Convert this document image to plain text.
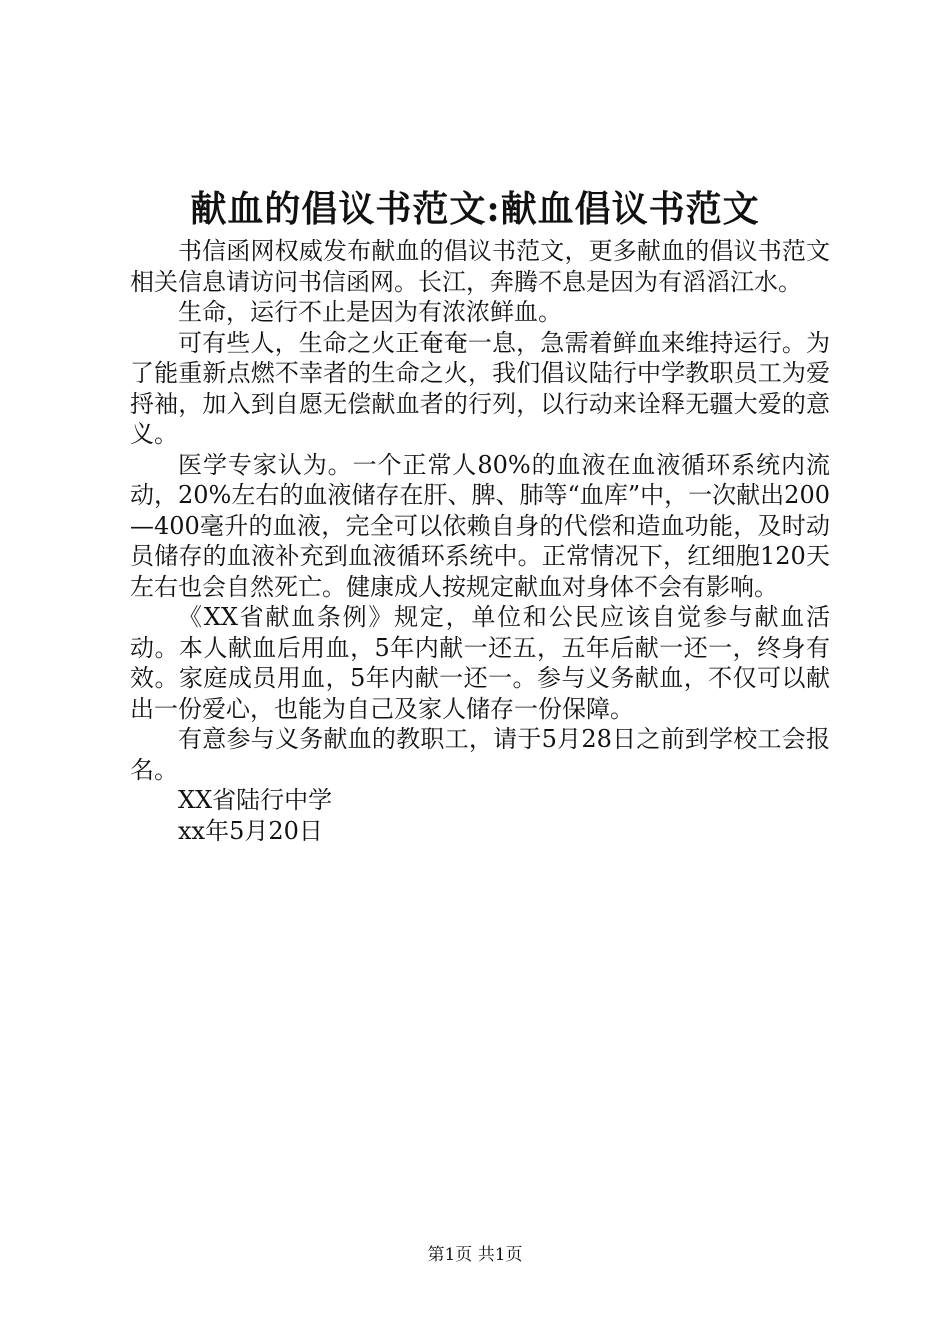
献血的倡议书范文:献血倡议书范文

书信函网权威发布献血的倡议书范文，更多献血的倡议书范文相关信息请访问书信函网。长江，奔腾不息是因为有滔滔江水。

生命，运行不止是因为有浓浓鲜血。

可有些人，生命之火正奄奄一息，急需着鲜血来维持运行。为了能重新点燃不幸者的生命之火，我们倡议陆行中学教职员工为爱捋袖，加入到自愿无偿献血者的行列，以行动来诠释无疆大爱的意义。

医学专家认为。一个正常人80%的血液在血液循环系统内流动，20%左右的血液储存在肝、脾、肺等“血库”中，一次献出200—400毫升的血液，完全可以依赖自身的代偿和造血功能，及时动员储存的血液补充到血液循环系统中。正常情况下，红细胞120天左右也会自然死亡。健康成人按规定献血对身体不会有影响。

《XX省献血条例》规定，单位和公民应该自觉参与献血活动。本人献血后用血，5年内献一还五，五年后献一还一，终身有效。家庭成员用血，5年内献一还一。参与义务献血，不仅可以献出一份爱心，也能为自己及家人储存一份保障。

有意参与义务献血的教职工，请于5月28日之前到学校工会报名。

XX省陆行中学

xx年5月20日

第1页 共1页
